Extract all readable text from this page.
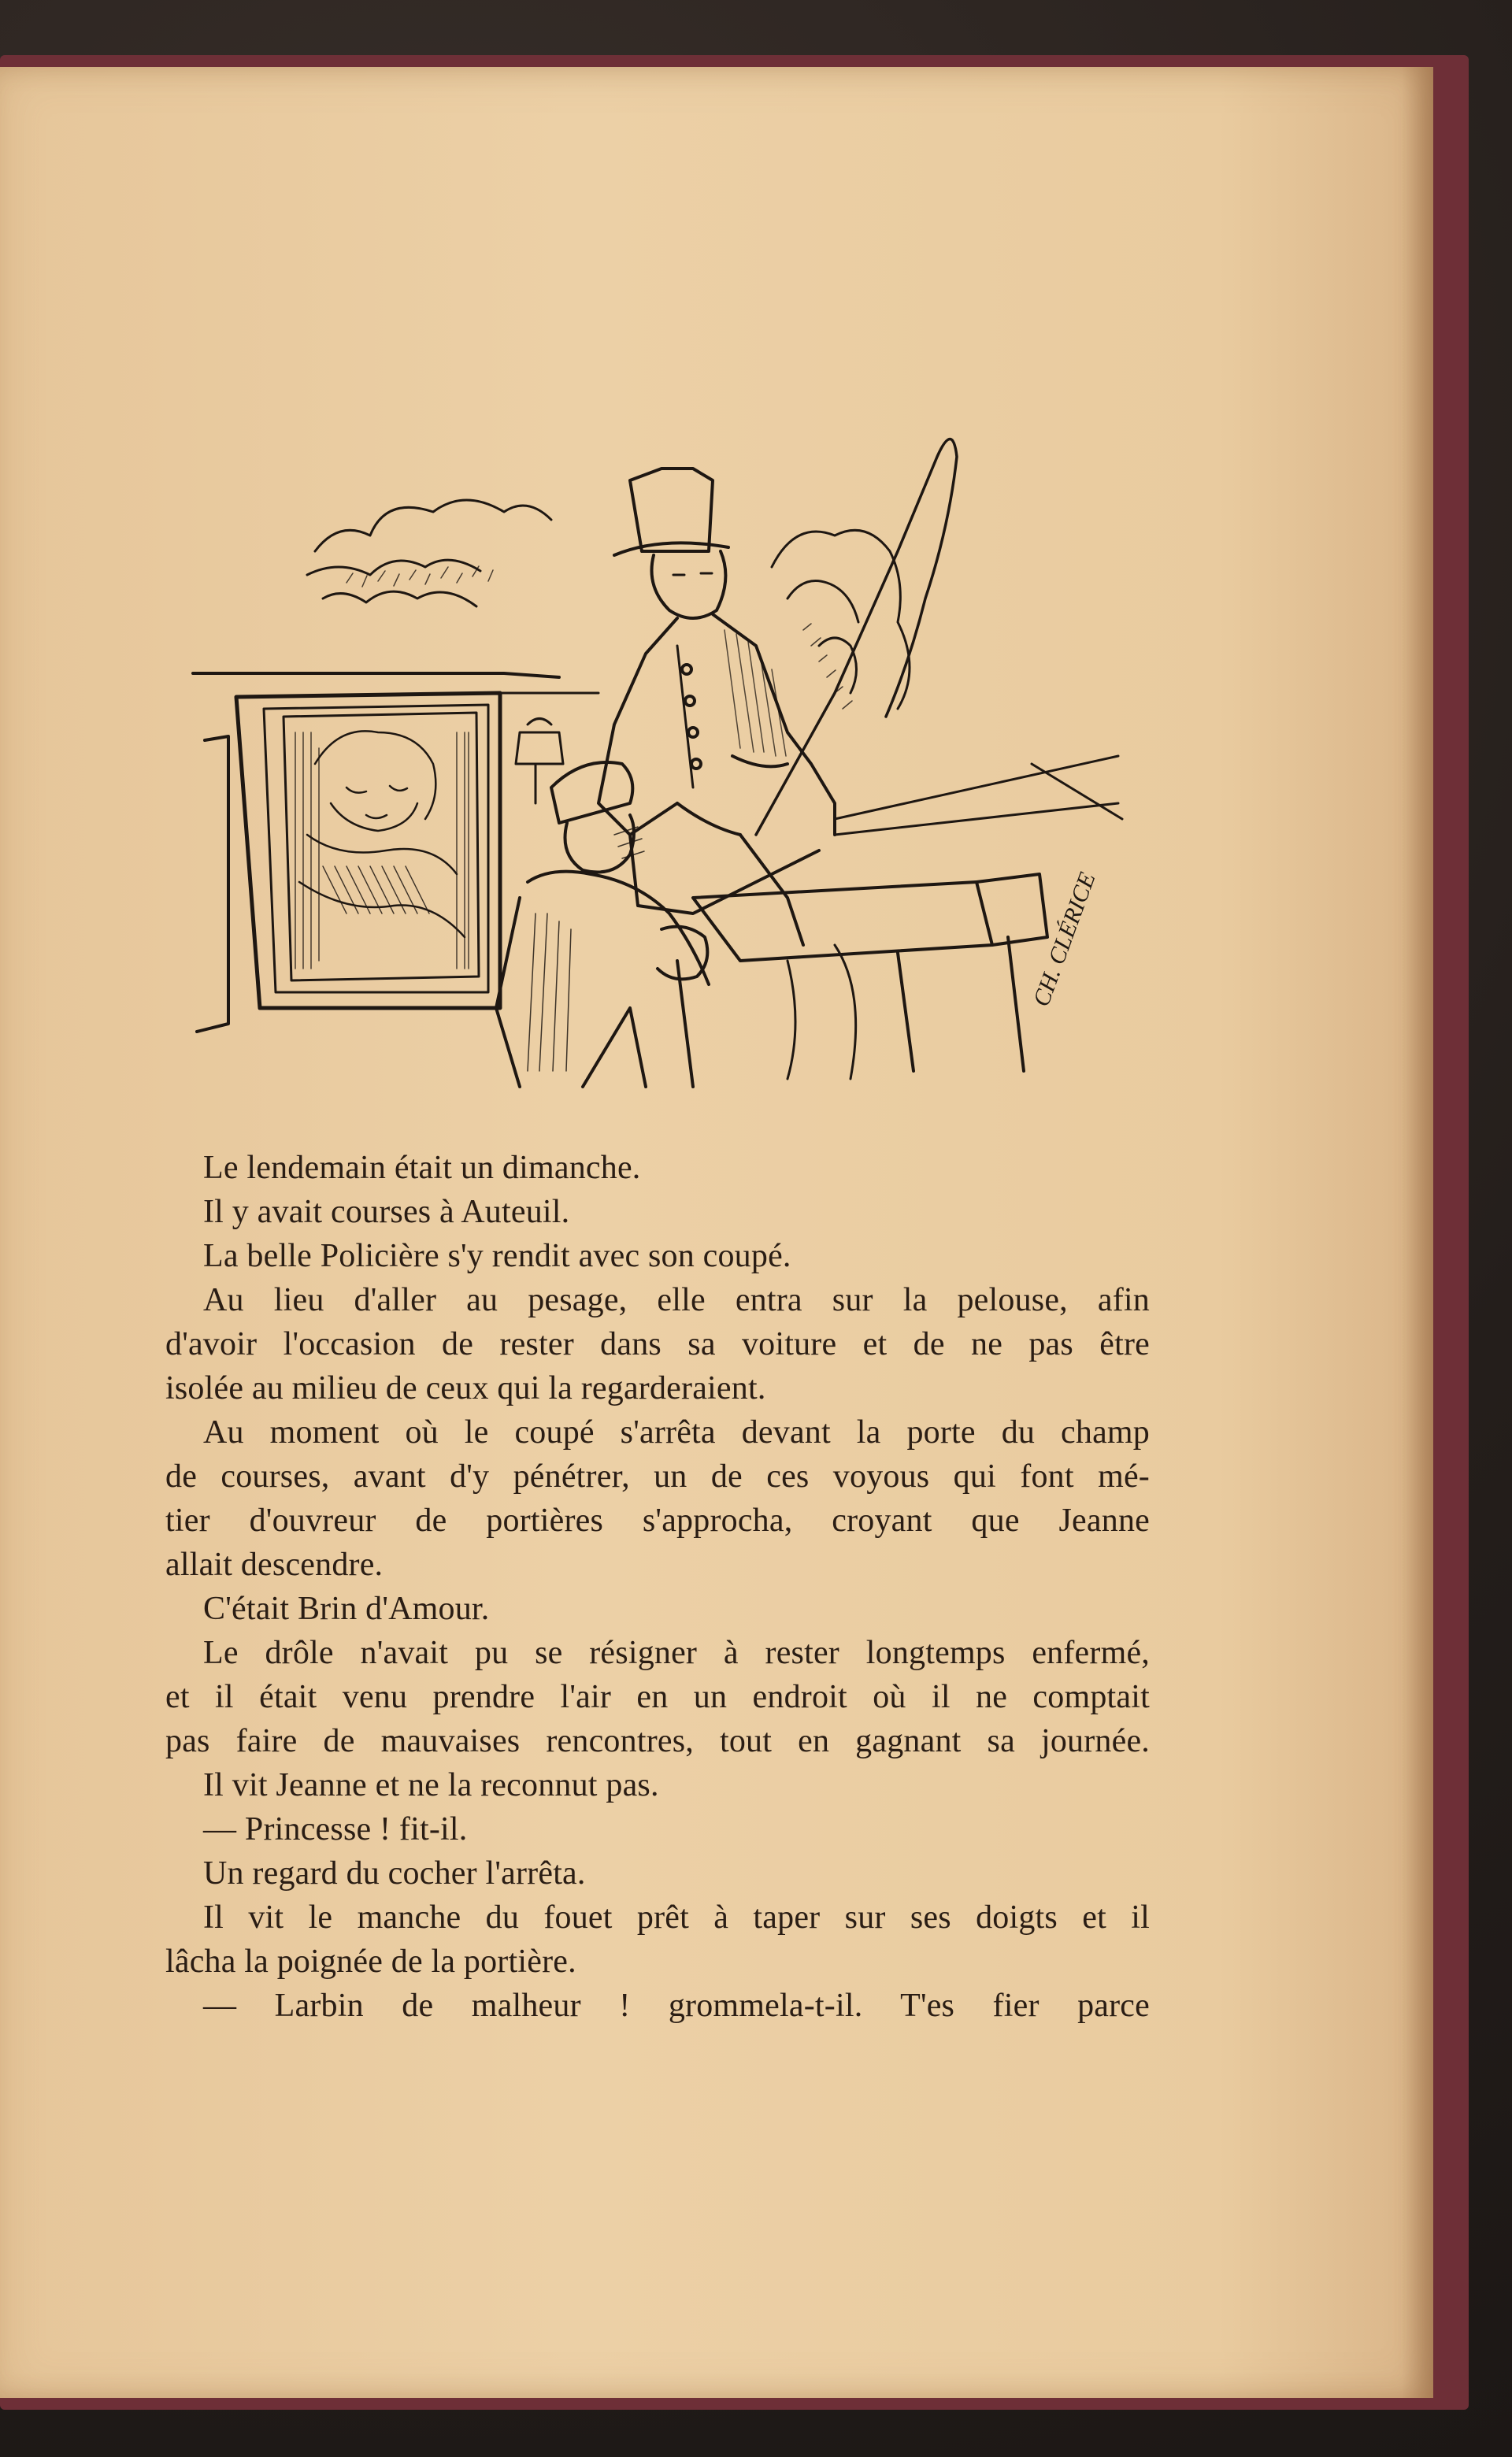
CH. CLÉRICE

Le lendemain était un dimanche.

Il y avait courses à Auteuil.

La belle Policière s'y rendit avec son coupé.

Au lieu d'aller au pesage, elle entra sur la pelouse, afin

d'avoir l'occasion de rester dans sa voiture et de ne pas être

isolée au milieu de ceux qui la regarderaient.

Au moment où le coupé s'arrêta devant la porte du champ

de courses, avant d'y pénétrer, un de ces voyous qui font mé-

tier d'ouvreur de portières s'approcha, croyant que Jeanne

allait descendre.

C'était Brin d'Amour.

Le drôle n'avait pu se résigner à rester longtemps enfermé,

et il était venu prendre l'air en un endroit où il ne comptait

pas faire de mauvaises rencontres, tout en gagnant sa journée.

Il vit Jeanne et ne la reconnut pas.

— Princesse ! fit-il.

Un regard du cocher l'arrêta.

Il vit le manche du fouet prêt à taper sur ses doigts et il

lâcha la poignée de la portière.

— Larbin de malheur ! grommela-t-il. T'es fier parce
